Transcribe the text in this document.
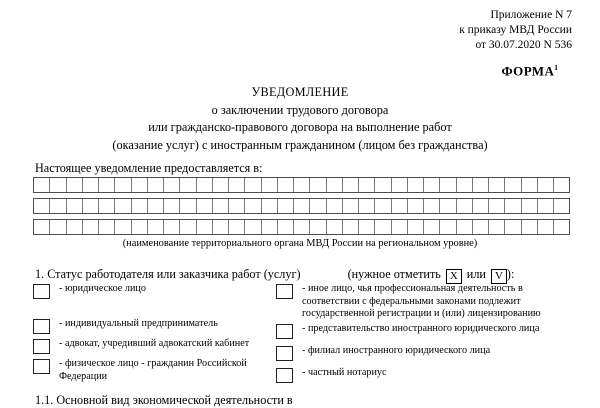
Приложение N 7
к приказу МВД России
от 30.07.2020 N 536
ФОРМА$^1$
УВЕДОМЛЕНИЕ
о заключении трудового договора
или гражданско-правового договора на выполнение работ
(оказание услуг) с иностранным гражданином (лицом без гражданства)
Настоящее уведомление предоставляется в:
(наименование территориального органа МВД России на региональном уровне)
1. Статус работодателя или заказчика работ (услуг)	(нужное отметить X или V ):
- юридическое лицо
- индивидуальный предприниматель
- адвокат, учредивший адвокатский кабинет
- физическое лицо - гражданин Российской Федерации
- иное лицо, чья профессиональная деятельность в соответствии с федеральными законами подлежит государственной регистрации и (или) лицензированию
- представительство иностранного юридического лица
- филиал иностранного юридического лица
- частный нотариус
1.1. Основной вид экономической деятельности в
